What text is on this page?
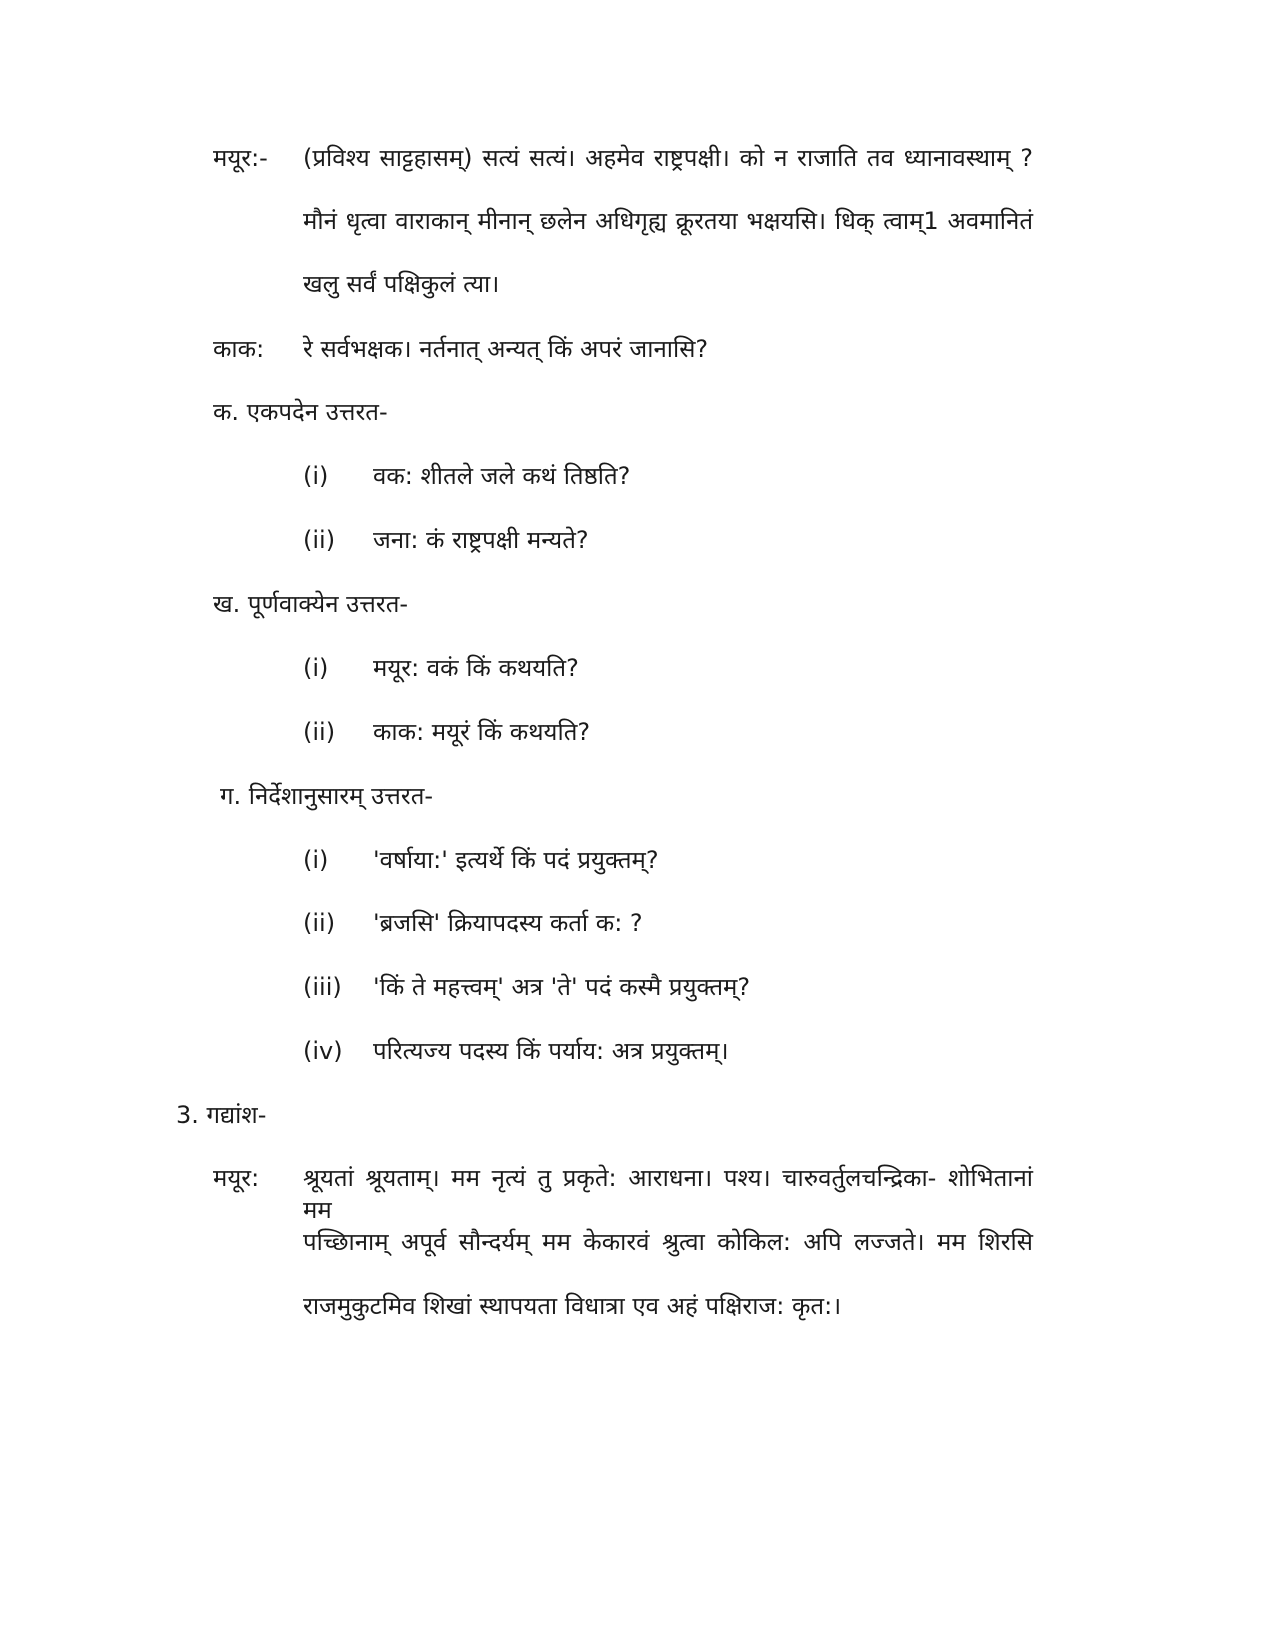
मयूर:- (प्रविश्य साट्टहासम्) सत्यं सत्यं। अहमेव राष्ट्रपक्षी। को न राजाति तव ध्यानावस्थाम् ?
मौनं धृत्वा वाराकान् मीनान् छलेन अधिगृह्य क्रूरतया भक्षयसि। धिक् त्वाम्1 अवमानितं
खलु सर्वं पक्षिकुलं त्या।
काक: रे सर्वभक्षक। नर्तनात् अन्यत् किं अपरं जानासि?
क. एकपदेन उत्तरत-
(i) वक: शीतले जले कथं तिष्ठति?
(ii) जना: कं राष्ट्रपक्षी मन्यते?
ख. पूर्णवाक्येन उत्तरत-
(i) मयूर: वकं किं कथयति?
(ii) काक: मयूरं किं कथयति?
ग. निर्देशानुसारम् उत्तरत-
(i) 'वर्षाया:' इत्यर्थे किं पदं प्रयुक्तम्?
(ii) 'ब्रजसि' क्रियापदस्य कर्ता क: ?
(iii) 'किं ते महत्त्वम्' अत्र 'ते' पदं कस्मै प्रयुक्तम्?
(iv) परित्यज्य पदस्य किं पर्याय: अत्र प्रयुक्तम्।
3. गद्यांश-
मयूर: श्रूयतां श्रूयताम्। मम नृत्यं तु प्रकृते: आराधना। पश्य। चारुवर्तुलचन्द्रिका- शोभितानां मम
पच्छिानाम् अपूर्व सौन्दर्यम् मम केकारवं श्रुत्वा कोकिल: अपि लज्जते। मम शिरसि
राजमुकुटमिव शिखां स्थापयता विधात्रा एव अहं पक्षिराज: कृत:।
